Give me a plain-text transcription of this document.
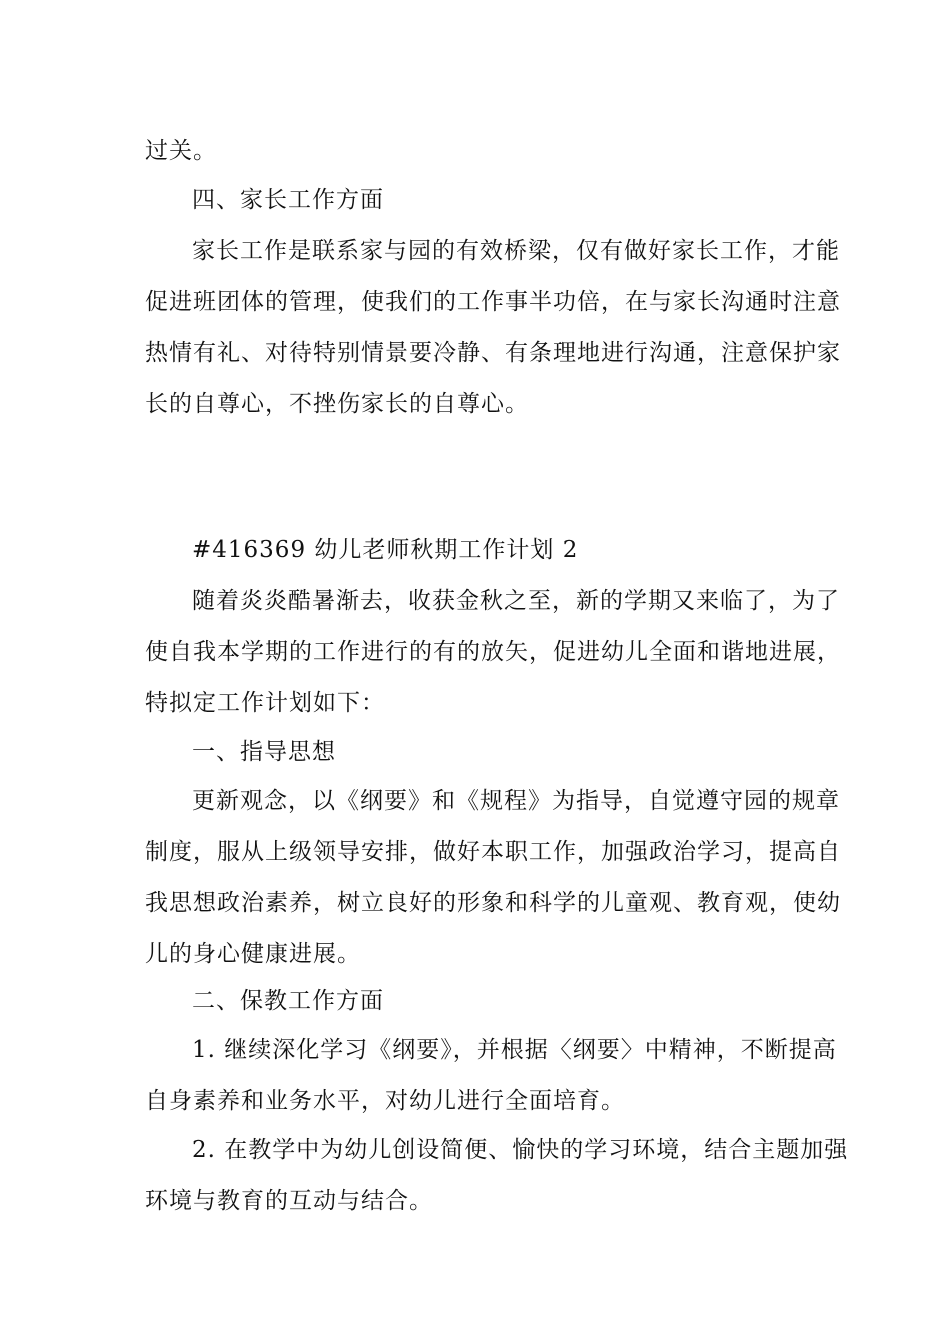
过关。

四、家长工作方面

家长工作是联系家与园的有效桥梁，仅有做好家长工作，才能
促进班团体的管理，使我们的工作事半功倍，在与家长沟通时注意
热情有礼、对待特别情景要冷静、有条理地进行沟通，注意保护家
长的自尊心，不挫伤家长的自尊心。

#416369 幼儿老师秋期工作计划 2

随着炎炎酷暑渐去，收获金秋之至，新的学期又来临了，为了
使自我本学期的工作进行的有的放矢，促进幼儿全面和谐地进展，
特拟定工作计划如下：

一、指导思想

更新观念，以《纲要》和《规程》为指导，自觉遵守园的规章
制度，服从上级领导安排，做好本职工作，加强政治学习，提高自
我思想政治素养，树立良好的形象和科学的儿童观、教育观，使幼
儿的身心健康进展。

二、保教工作方面

1. 继续深化学习《纲要》，并根据〈纲要〉中精神，不断提高
自身素养和业务水平，对幼儿进行全面培育。

2. 在教学中为幼儿创设简便、愉快的学习环境，结合主题加强
环境与教育的互动与结合。
